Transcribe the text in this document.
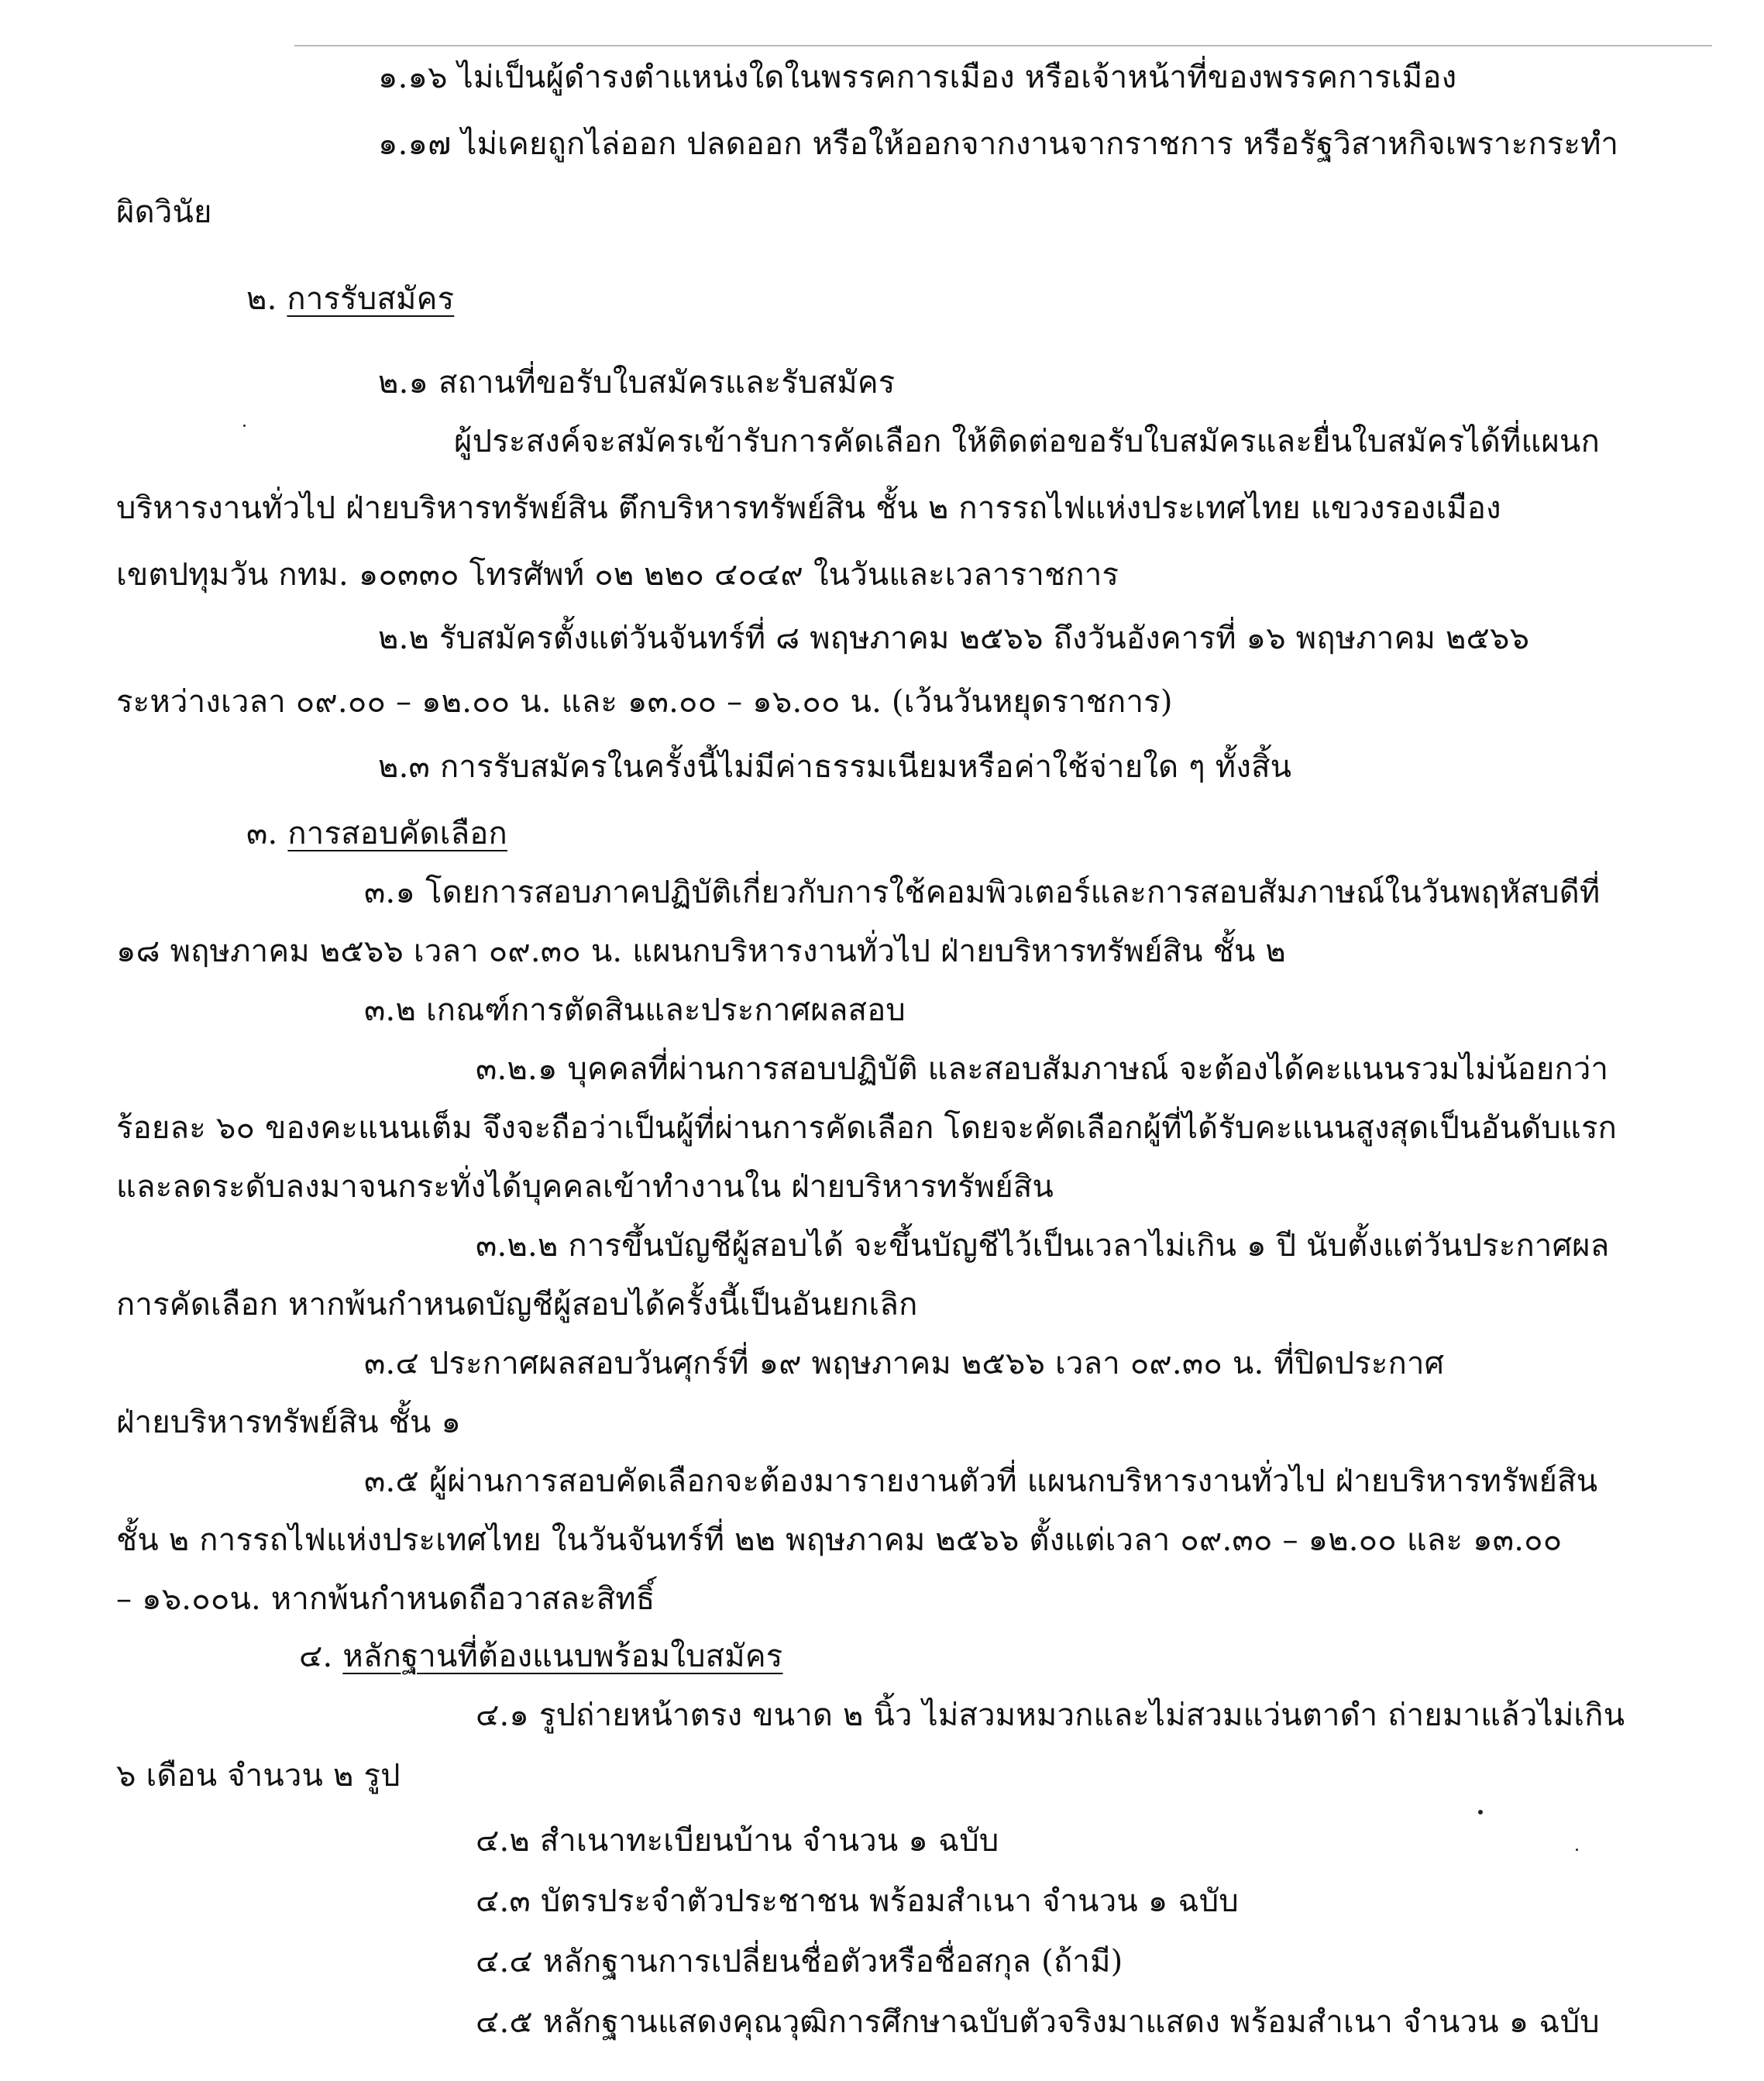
๑.๑๖ ไม่เป็นผู้ดำรงตำแหน่งใดในพรรคการเมือง หรือเจ้าหน้าที่ของพรรคการเมือง
๑.๑๗ ไม่เคยถูกไล่ออก ปลดออก หรือให้ออกจากงานจากราชการ หรือรัฐวิสาหกิจเพราะกระทำ
ผิดวินัย
๒. การรับสมัคร
๒.๑ สถานที่ขอรับใบสมัครและรับสมัคร
ผู้ประสงค์จะสมัครเข้ารับการคัดเลือก ให้ติดต่อขอรับใบสมัครและยื่นใบสมัครได้ที่แผนก
บริหารงานทั่วไป ฝ่ายบริหารทรัพย์สิน ตึกบริหารทรัพย์สิน ชั้น ๒ การรถไฟแห่งประเทศไทย แขวงรองเมือง
เขตปทุมวัน กทม. ๑๐๓๓๐ โทรศัพท์ ๐๒ ๒๒๐ ๔๐๔๙ ในวันและเวลาราชการ
๒.๒ รับสมัครตั้งแต่วันจันทร์ที่ ๘ พฤษภาคม ๒๕๖๖ ถึงวันอังคารที่ ๑๖ พฤษภาคม ๒๕๖๖
ระหว่างเวลา ๐๙.๐๐ – ๑๒.๐๐ น. และ ๑๓.๐๐ – ๑๖.๐๐ น. (เว้นวันหยุดราชการ)
๒.๓ การรับสมัครในครั้งนี้ไม่มีค่าธรรมเนียมหรือค่าใช้จ่ายใด ๆ ทั้งสิ้น
๓. การสอบคัดเลือก
๓.๑ โดยการสอบภาคปฏิบัติเกี่ยวกับการใช้คอมพิวเตอร์และการสอบสัมภาษณ์ในวันพฤหัสบดีที่
๑๘ พฤษภาคม ๒๕๖๖ เวลา ๐๙.๓๐ น. แผนกบริหารงานทั่วไป ฝ่ายบริหารทรัพย์สิน ชั้น ๒
๓.๒ เกณฑ์การตัดสินและประกาศผลสอบ
๓.๒.๑ บุคคลที่ผ่านการสอบปฏิบัติ และสอบสัมภาษณ์ จะต้องได้คะแนนรวมไม่น้อยกว่า
ร้อยละ ๖๐ ของคะแนนเต็ม จึงจะถือว่าเป็นผู้ที่ผ่านการคัดเลือก โดยจะคัดเลือกผู้ที่ได้รับคะแนนสูงสุดเป็นอันดับแรก
และลดระดับลงมาจนกระทั่งได้บุคคลเข้าทำงานใน ฝ่ายบริหารทรัพย์สิน
๓.๒.๒ การขึ้นบัญชีผู้สอบได้ จะขึ้นบัญชีไว้เป็นเวลาไม่เกิน ๑ ปี นับตั้งแต่วันประกาศผล
การคัดเลือก หากพ้นกำหนดบัญชีผู้สอบได้ครั้งนี้เป็นอันยกเลิก
๓.๔ ประกาศผลสอบวันศุกร์ที่ ๑๙ พฤษภาคม ๒๕๖๖ เวลา ๐๙.๓๐ น. ที่ปิดประกาศ
ฝ่ายบริหารทรัพย์สิน ชั้น ๑
๓.๕ ผู้ผ่านการสอบคัดเลือกจะต้องมารายงานตัวที่ แผนกบริหารงานทั่วไป ฝ่ายบริหารทรัพย์สิน
ชั้น ๒ การรถไฟแห่งประเทศไทย ในวันจันทร์ที่ ๒๒ พฤษภาคม ๒๕๖๖ ตั้งแต่เวลา ๐๙.๓๐ – ๑๒.๐๐ และ ๑๓.๐๐
– ๑๖.๐๐น. หากพ้นกำหนดถือวาสละสิทธิ์
๔. หลักฐานที่ต้องแนบพร้อมใบสมัคร
๔.๑ รูปถ่ายหน้าตรง ขนาด ๒ นิ้ว ไม่สวมหมวกและไม่สวมแว่นตาดำ ถ่ายมาแล้วไม่เกิน
๖ เดือน จำนวน ๒ รูป
๔.๒ สำเนาทะเบียนบ้าน จำนวน ๑ ฉบับ
๔.๓ บัตรประจำตัวประชาชน พร้อมสำเนา จำนวน ๑ ฉบับ
๔.๔ หลักฐานการเปลี่ยนชื่อตัวหรือชื่อสกุล (ถ้ามี)
๔.๕ หลักฐานแสดงคุณวุฒิการศึกษาฉบับตัวจริงมาแสดง พร้อมสำเนา จำนวน ๑ ฉบับ
